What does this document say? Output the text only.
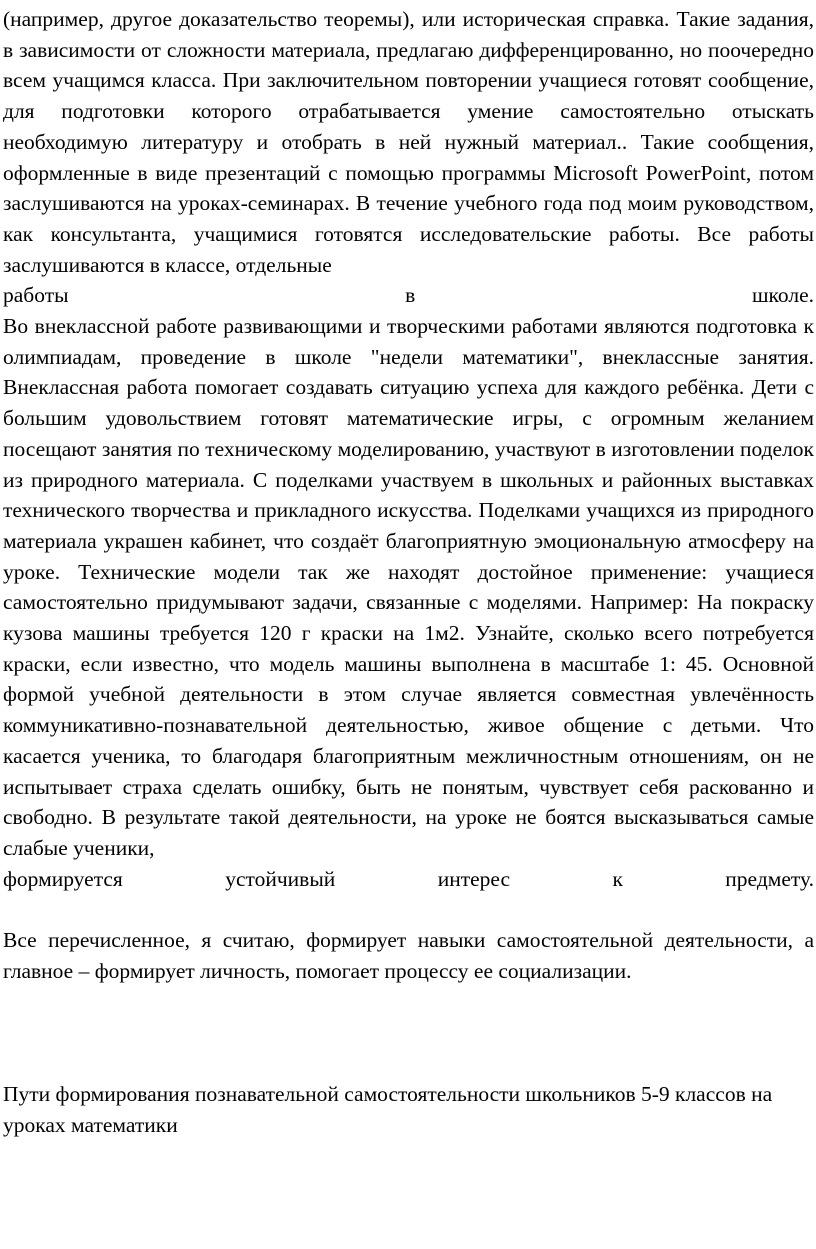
(например, другое доказательство теоремы), или историческая справка. Такие задания, в зависимости от сложности материала, предлагаю дифференцированно, но поочередно всем учащимся класса. При заключительном повторении учащиеся готовят сообщение, для подготовки которого отрабатывается умение самостоятельно отыскать необходимую литературу и отобрать в ней нужный материал.. Такие сообщения, оформленные в виде презентаций с помощью программы Microsoft PowerPoint, потом заслушиваются на уроках-семинарах. В течение учебного года под моим руководством, как консультанта, учащимися готовятся исследовательские работы. Все работы заслушиваются в классе, отдельные
работы в школе.

Во внеклассной работе развивающими и творческими работами являются подготовка к олимпиадам, проведение в школе "недели математики", внеклассные занятия. Внеклассная работа помогает создавать ситуацию успеха для каждого ребёнка. Дети с большим удовольствием готовят математические игры, с огромным желанием посещают занятия по техническому моделированию, участвуют в изготовлении поделок из природного материала. С поделками участвуем в школьных и районных выставках технического творчества и прикладного искусства. Поделками учащихся из природного материала украшен кабинет, что создаёт благоприятную эмоциональную атмосферу на уроке. Технические модели так же находят достойное применение: учащиеся самостоятельно придумывают задачи, связанные с моделями. Например: На покраску кузова машины требуется 120 г краски на 1м2. Узнайте, сколько всего потребуется краски, если известно, что модель машины выполнена в масштабе 1: 45. Основной формой учебной деятельности в этом случае является совместная увлечённость коммуникативно-познавательной деятельностью, живое общение с детьми. Что касается ученика, то благодаря благоприятным межличностным отношениям, он не испытывает страха сделать ошибку, быть не понятым, чувствует себя раскованно и свободно. В результате такой деятельности, на уроке не боятся высказываться самые слабые ученики,
формируется устойчивый интерес к предмету.

Все перечисленное, я считаю, формирует навыки самостоятельной деятельности, а главное – формирует личность, помогает процессу ее социализации.

Пути формирования познавательной самостоятельности школьников 5-9 классов на уроках математики
